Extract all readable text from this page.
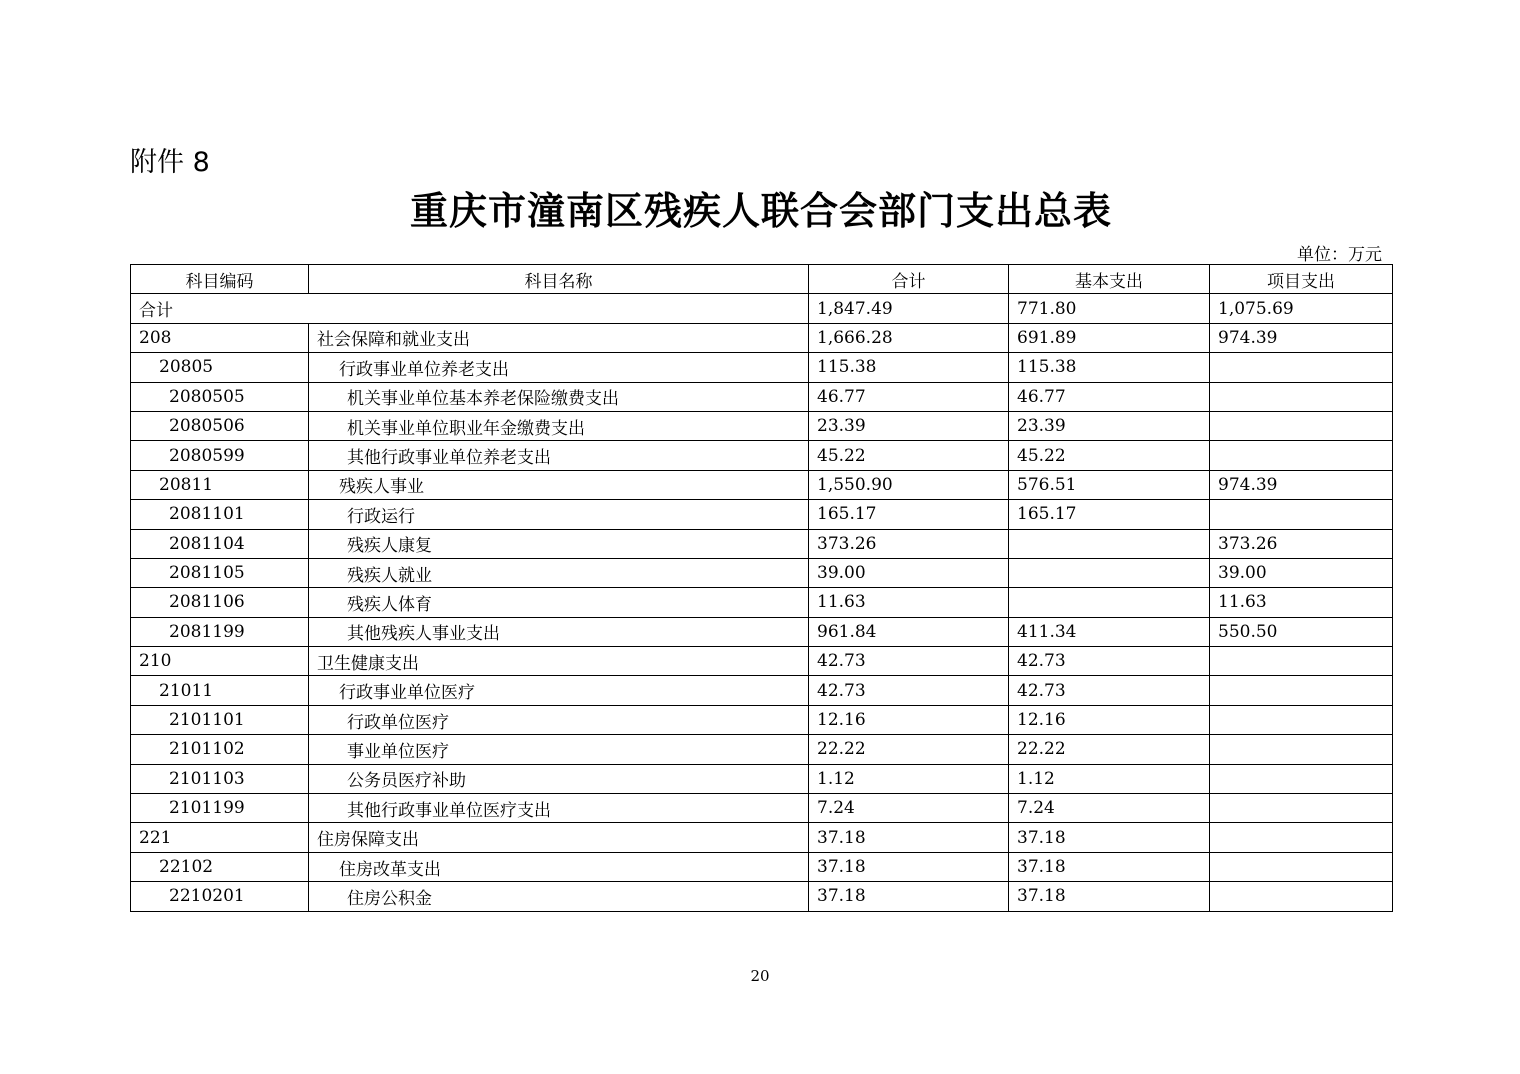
附件 8
重庆市潼南区残疾人联合会部门支出总表
单位：万元
科目编码	科目名称	合计	基本支出	项目支出
合计		1,847.49	771.80	1,075.69
208	社会保障和就业支出	1,666.28	691.89	974.39
20805	行政事业单位养老支出	115.38	115.38	
2080505	机关事业单位基本养老保险缴费支出	46.77	46.77	
2080506	机关事业单位职业年金缴费支出	23.39	23.39	
2080599	其他行政事业单位养老支出	45.22	45.22	
20811	残疾人事业	1,550.90	576.51	974.39
2081101	行政运行	165.17	165.17	
2081104	残疾人康复	373.26		373.26
2081105	残疾人就业	39.00		39.00
2081106	残疾人体育	11.63		11.63
2081199	其他残疾人事业支出	961.84	411.34	550.50
210	卫生健康支出	42.73	42.73	
21011	行政事业单位医疗	42.73	42.73	
2101101	行政单位医疗	12.16	12.16	
2101102	事业单位医疗	22.22	22.22	
2101103	公务员医疗补助	1.12	1.12	
2101199	其他行政事业单位医疗支出	7.24	7.24	
221	住房保障支出	37.18	37.18	
22102	住房改革支出	37.18	37.18	
2210201	住房公积金	37.18	37.18	
20
